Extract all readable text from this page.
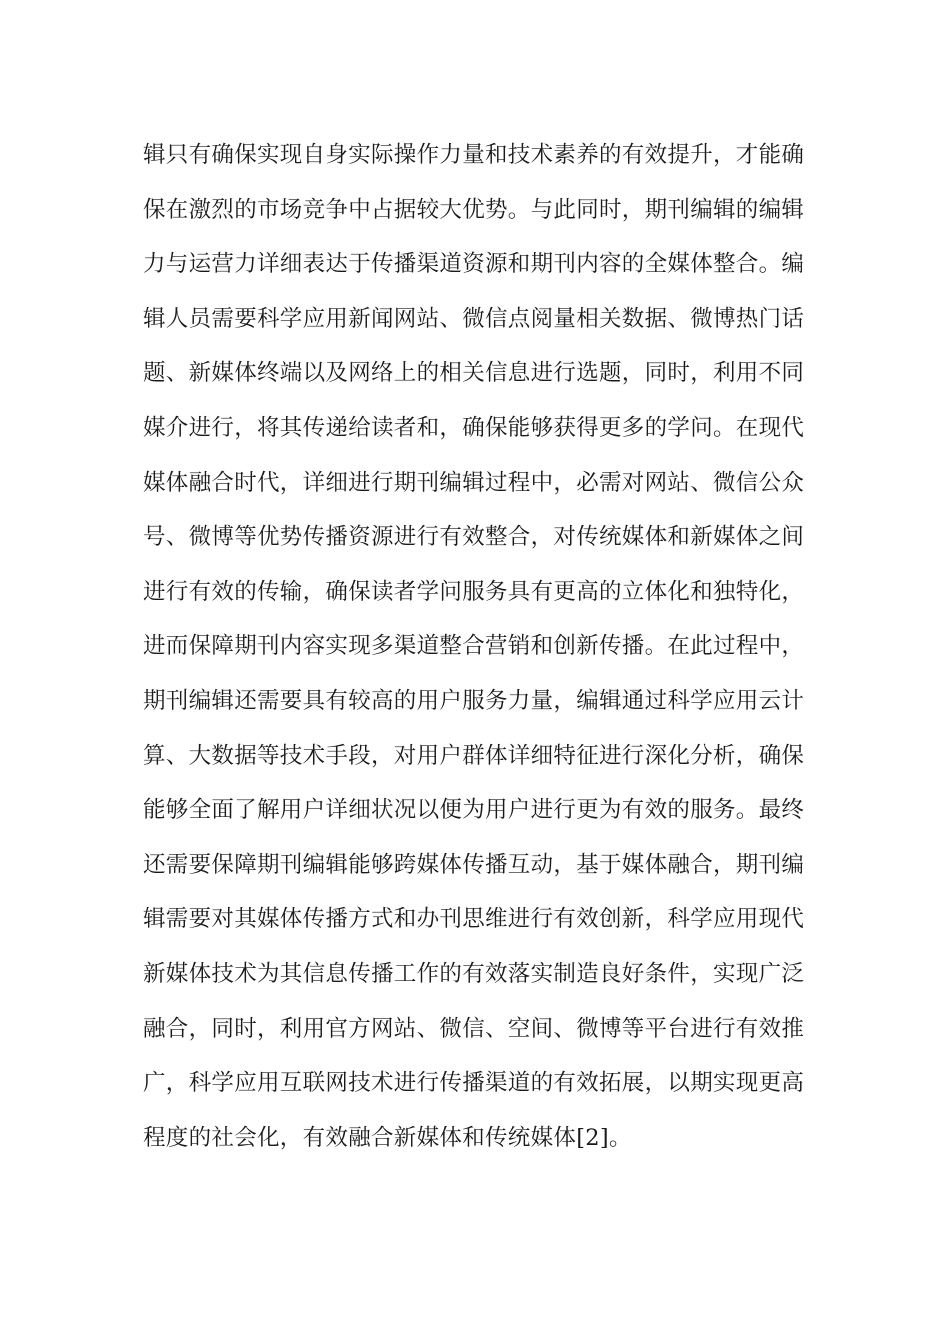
辑只有确保实现自身实际操作力量和技术素养的有效提升，才能确
保在激烈的市场竞争中占据较大优势。与此同时，期刊编辑的编辑
力与运营力详细表达于传播渠道资源和期刊内容的全媒体整合。编
辑人员需要科学应用新闻网站、微信点阅量相关数据、微博热门话
题、新媒体终端以及网络上的相关信息进行选题，同时，利用不同
媒介进行，将其传递给读者和，确保能够获得更多的学问。在现代
媒体融合时代，详细进行期刊编辑过程中，必需对网站、微信公众
号、微博等优势传播资源进行有效整合，对传统媒体和新媒体之间
进行有效的传输，确保读者学问服务具有更高的立体化和独特化，
进而保障期刊内容实现多渠道整合营销和创新传播。在此过程中，
期刊编辑还需要具有较高的用户服务力量，编辑通过科学应用云计
算、大数据等技术手段，对用户群体详细特征进行深化分析，确保
能够全面了解用户详细状况以便为用户进行更为有效的服务。最终
还需要保障期刊编辑能够跨媒体传播互动，基于媒体融合，期刊编
辑需要对其媒体传播方式和办刊思维进行有效创新，科学应用现代
新媒体技术为其信息传播工作的有效落实制造良好条件，实现广泛
融合，同时，利用官方网站、微信、空间、微博等平台进行有效推
广，科学应用互联网技术进行传播渠道的有效拓展，以期实现更高
程度的社会化，有效融合新媒体和传统媒体[2]。
